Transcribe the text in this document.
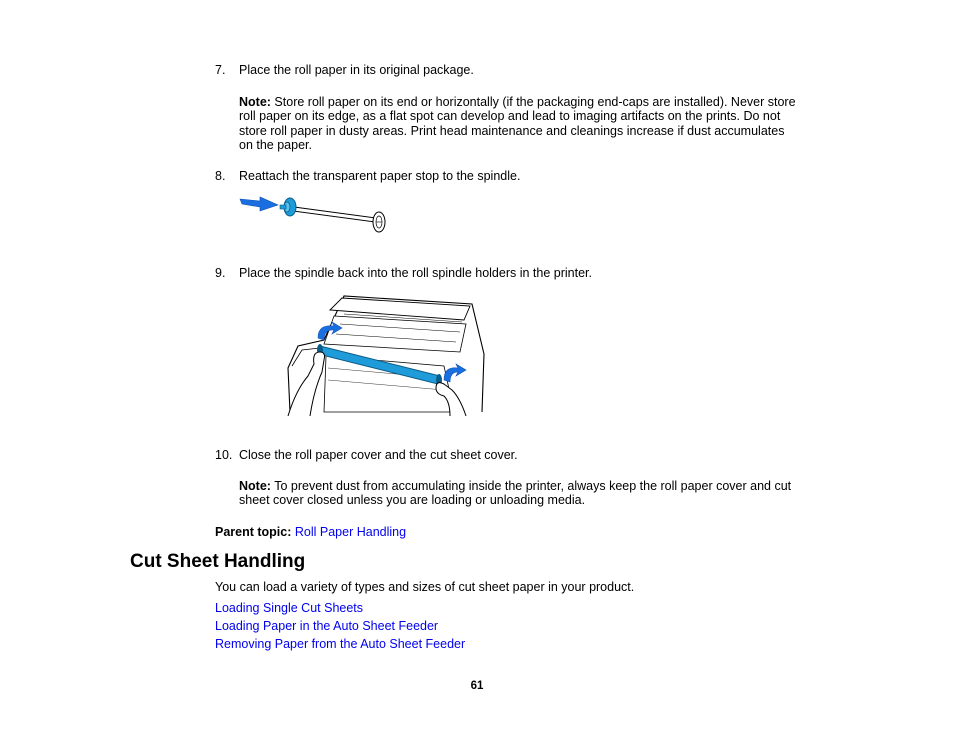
7. Place the roll paper in its original package.
Note: Store roll paper on its end or horizontally (if the packaging end-caps are installed). Never store
roll paper on its edge, as a flat spot can develop and lead to imaging artifacts on the prints. Do not
store roll paper in dusty areas. Print head maintenance and cleanings increase if dust accumulates
on the paper.
8. Reattach the transparent paper stop to the spindle.
9. Place the spindle back into the roll spindle holders in the printer.
10. Close the roll paper cover and the cut sheet cover.
Note: To prevent dust from accumulating inside the printer, always keep the roll paper cover and cut
sheet cover closed unless you are loading or unloading media.
Parent topic: Roll Paper Handling
Cut Sheet Handling
You can load a variety of types and sizes of cut sheet paper in your product.
Loading Single Cut Sheets
Loading Paper in the Auto Sheet Feeder
Removing Paper from the Auto Sheet Feeder
61
